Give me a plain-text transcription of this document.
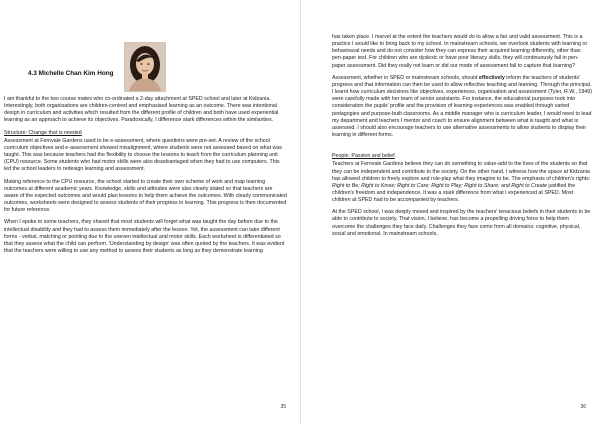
4.3 Michelle Chan Kim Hong

I am thankful to the two course mates who co-ordinated a 2-day attachment at SPED school and later at Kidzania. Interestingly, both organisations are children-centred and emphasised learning as an outcome. There was intentional design in curriculum and activities which resulted from the different profile of children and both have used experiential learning as an approach to achieve its objectives. Paradoxically, I difference stark differences within the similarities.

Structure: Change that is needed

Assessment at Fernvale Gardens used to be e-assessment, where questions were pre-set. A review of the school curriculum objectives and e-assessment showed misalignment, where students were not assessed based on what was taught. This was because teachers had the flexibility to choose the lessons to teach from the curriculum planning unit (CPU) resource. Some students who had motor skills were also disadvantaged when they had to use computers. This led the school leaders to redesign learning and assessment.

Making reference to the CPU resource, the school started to create their own scheme of work and map learning outcomes at different academic years. Knowledge, skills and attitudes were also clearly stated so that teachers are aware of the expected outcomes and would plan lessons to help them achieve the outcomes. With clearly communicated outcomes, worksheets were designed to assess students of their progress in learning. This progress is then documented for future reference.

When I spoke to some teachers, they shared that most students will forget what was taught the day before due to the intellectual disability and they had to assess them immediately after the lesson. Yet, the assessment can take different forms - verbal, matching or pointing due to the uneven intellectual and motor skills. Each worksheet is differentiated so that they assess what the child can perform. 'Understanding by design' was often quoted by the teachers. It was evident that the teachers were willing to use any method to assess their students as long as they demonstrate learning

35

has taken place. I marvel at the extent the teachers would do to allow a fair and valid assessment. This is a practice I would like to bring back to my school. In mainstream schools, we overlook students with learning or behavioural needs and do not consider how they can express their acquired learning differently, other than pen-paper test. For children who are dyslexic or have poor literacy skills, they will continuously fail in pen-paper assessment. Did they really not learn or did our mode of assessment fail to capture that learning?

Assessment, whether in SPED or mainstream schools, should effectively inform the teachers of students' progress and that information can then be used to allow reflective teaching and learning. Through the principal, I learnt how curriculum decisions like objectives, experiences, organisation and assessment (Tyler, R.W., 1949) were carefully made with her team of senior assistants. For instance, the educational purposes took into consideration the pupils' profile and the provision of learning experiences was enabled through varied pedagogies and purpose-built classrooms. As a middle manager who is curriculum leader, I would need to lead my department and teachers I mentor and coach to ensure alignment between what is taught and what is assessed. I should also encourage teachers to use alternative assessments to allow students to display their learning in different forms.

People: Passion and belief

Teachers at Fernvale Gardens believe they can do something to value-add to the lives of the students so that they can be independent and contribute to the society. On the other hand, I witness how the space at Kidzania has allowed children to freely explore and role-play what they imagine to be. The emphasis of children's rights: Right to Be; Right to Know; Right to Care; Right to Play; Right to Share; and Right to Create justified the children's freedom and independence. It was a stark difference from what I experienced at SPED. Most children at SPED had to be accompanied by teachers.

At the SPED school, I was deeply moved and inspired by the teachers' tenacious beliefs in their students to be able to contribute to society. That vision, I believe, has become a propelling driving force to help them overcome the challenges they face daily. Challenges they face come from all domains: cognitive, physical, social and emotional. In mainstream schools,

36
